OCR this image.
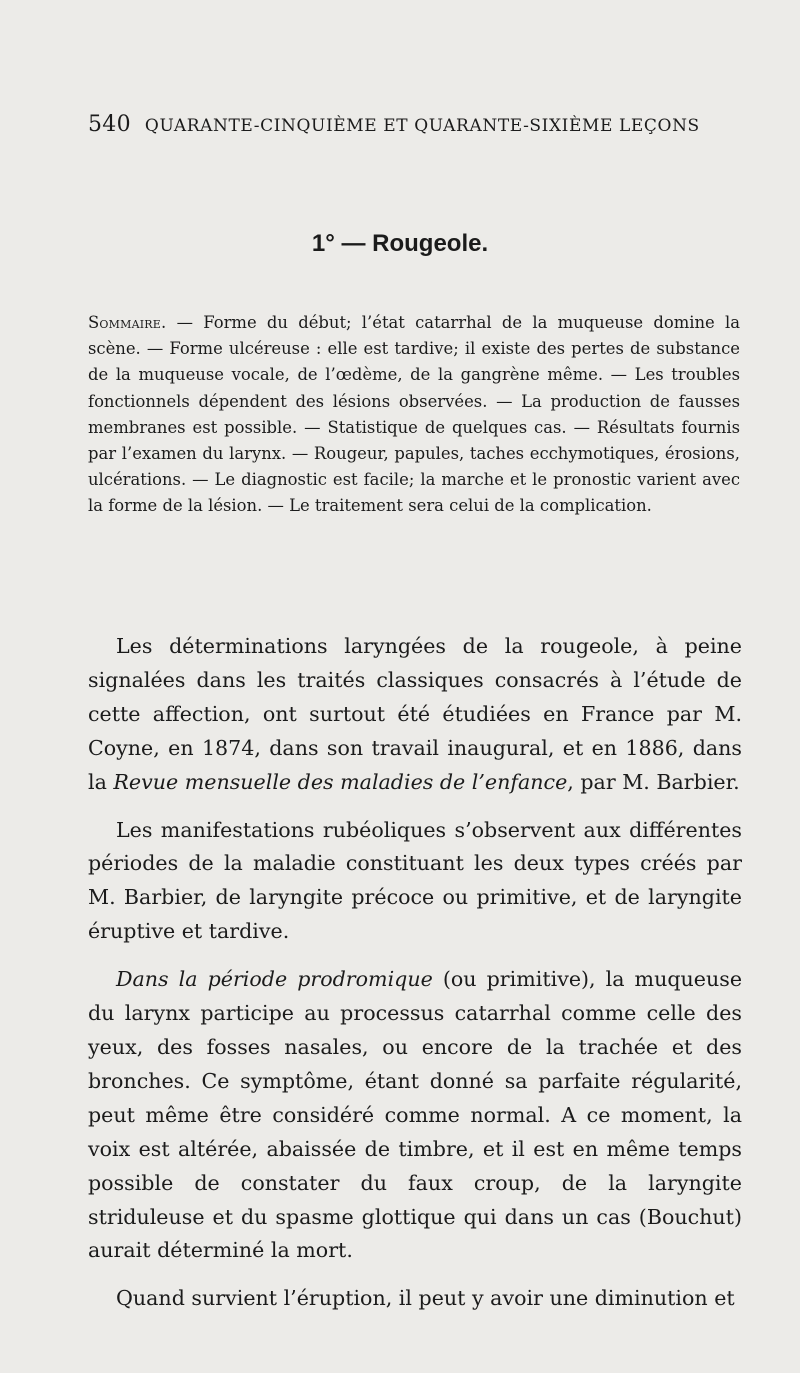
540 QUARANTE-CINQUIÈME ET QUARANTE-SIXIÈME LEÇONS
1° — Rougeole.
Sommaire. — Forme du début; l’état catarrhal de la muqueuse domine la scène. — Forme ulcéreuse : elle est tardive; il existe des pertes de substance de la muqueuse vocale, de l’œdème, de la gangrène même. — Les troubles fonctionnels dépendent des lésions observées. — La production de fausses membranes est possible. — Statistique de quelques cas. — Résultats fournis par l’examen du larynx. — Rougeur, papules, taches ecchymotiques, érosions, ulcérations. — Le diagnostic est facile; la marche et le pronostic varient avec la forme de la lésion. — Le traitement sera celui de la complication.

Les déterminations laryngées de la rougeole, à peine signalées dans les traités classiques consacrés à l’étude de cette affection, ont surtout été étudiées en France par M. Coyne, en 1874, dans son travail inaugural, et en 1886, dans la Revue mensuelle des maladies de l’enfance, par M. Barbier.

Les manifestations rubéoliques s’observent aux différentes périodes de la maladie constituant les deux types créés par M. Barbier, de laryngite précoce ou primitive, et de laryngite éruptive et tardive.

Dans la période prodromique (ou primitive), la muqueuse du larynx participe au processus catarrhal comme celle des yeux, des fosses nasales, ou encore de la trachée et des bronches. Ce symptôme, étant donné sa parfaite régularité, peut même être considéré comme normal. A ce moment, la voix est altérée, abaissée de timbre, et il est en même temps possible de constater du faux croup, de la laryngite striduleuse et du spasme glottique qui dans un cas (Bouchut) aurait déterminé la mort.

Quand survient l’éruption, il peut y avoir une diminution et
